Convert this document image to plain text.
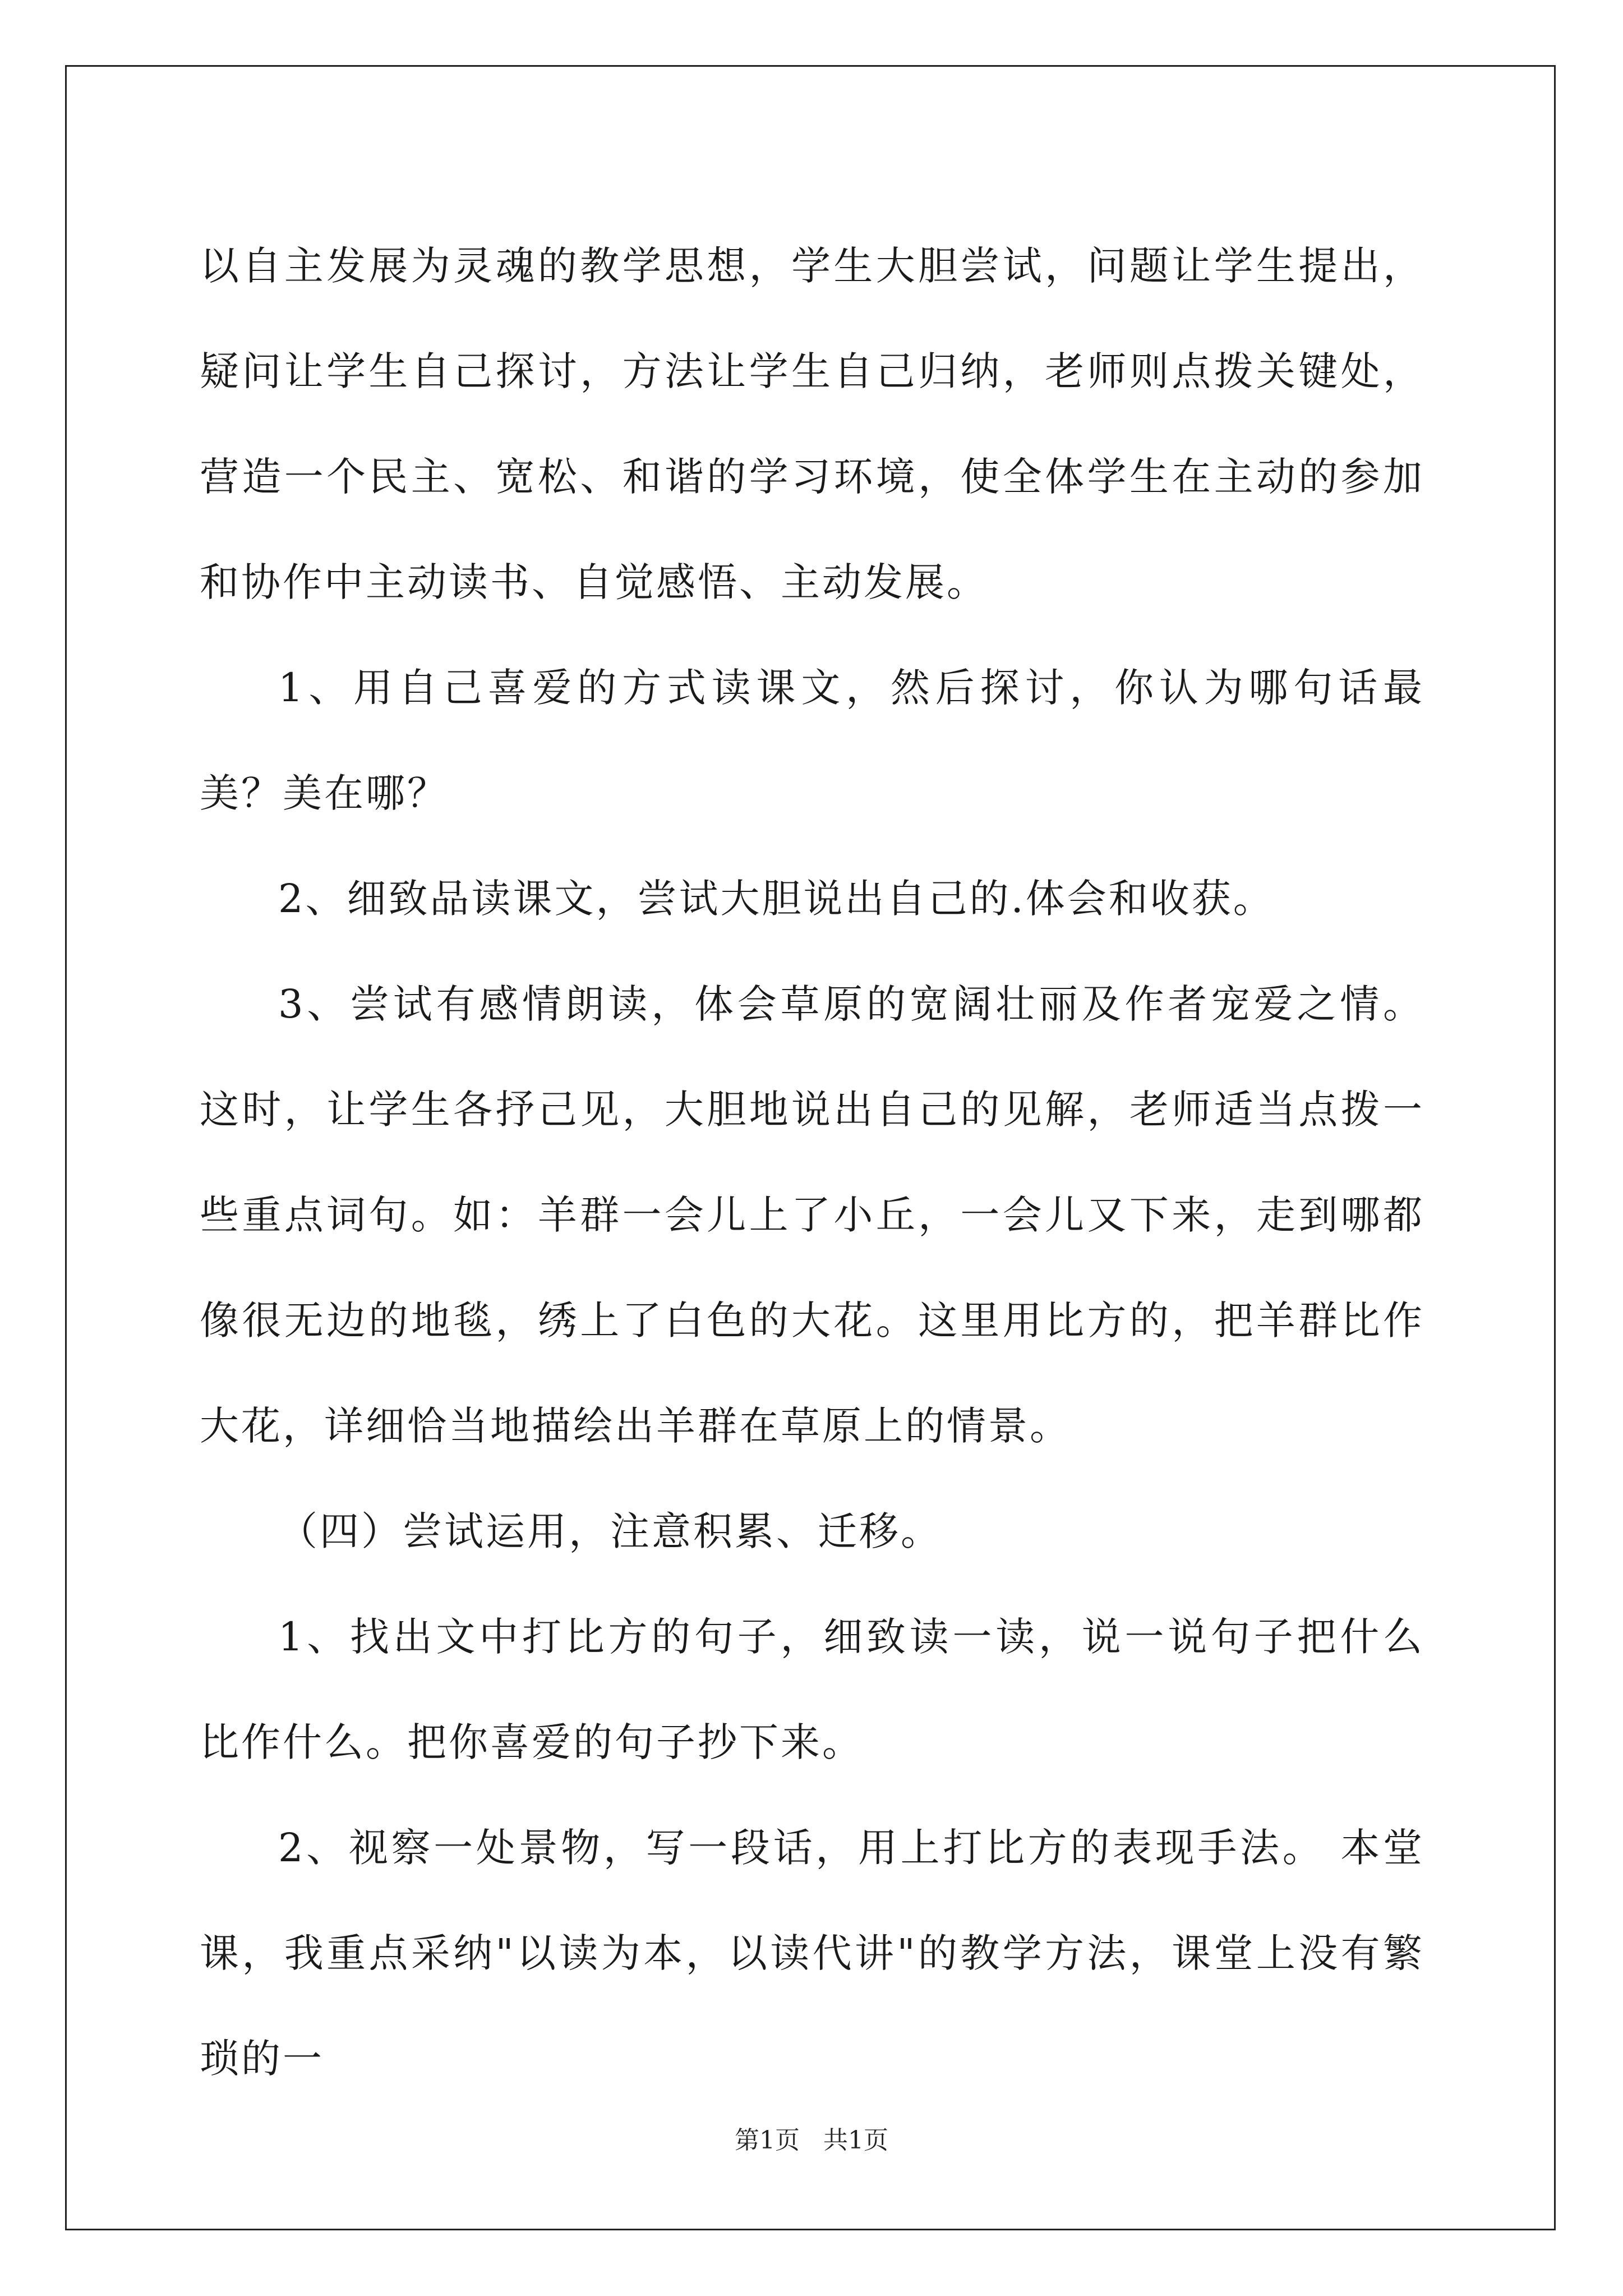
以自主发展为灵魂的教学思想，学生大胆尝试，问题让学生提出，疑问让学生自己探讨，方法让学生自己归纳，老师则点拨关键处， 营造一个民主、宽松、和谐的学习环境，使全体学生在主动的参加和协作中主动读书、自觉感悟、主动发展。

1、用自己喜爱的方式读课文，然后探讨，你认为哪句话最美？美在哪？

2、细致品读课文，尝试大胆说出自己的.体会和收获。

3、尝试有感情朗读，体会草原的宽阔壮丽及作者宠爱之情。 这时，让学生各抒己见，大胆地说出自己的见解，老师适当点拨一些重点词句。如：羊群一会儿上了小丘，一会儿又下来，走到哪都像很无边的地毯，绣上了白色的大花。这里用比方的，把羊群比作大花，详细恰当地描绘出羊群在草原上的情景。

（四）尝试运用，注意积累、迁移。

1、找出文中打比方的句子，细致读一读，说一说句子把什么比作什么。把你喜爱的句子抄下来。

2、视察一处景物，写一段话，用上打比方的表现手法。 本堂课，我重点采纳"以读为本，以读代讲"的教学方法，课堂上没有繁琐的一

第1页   共1页
